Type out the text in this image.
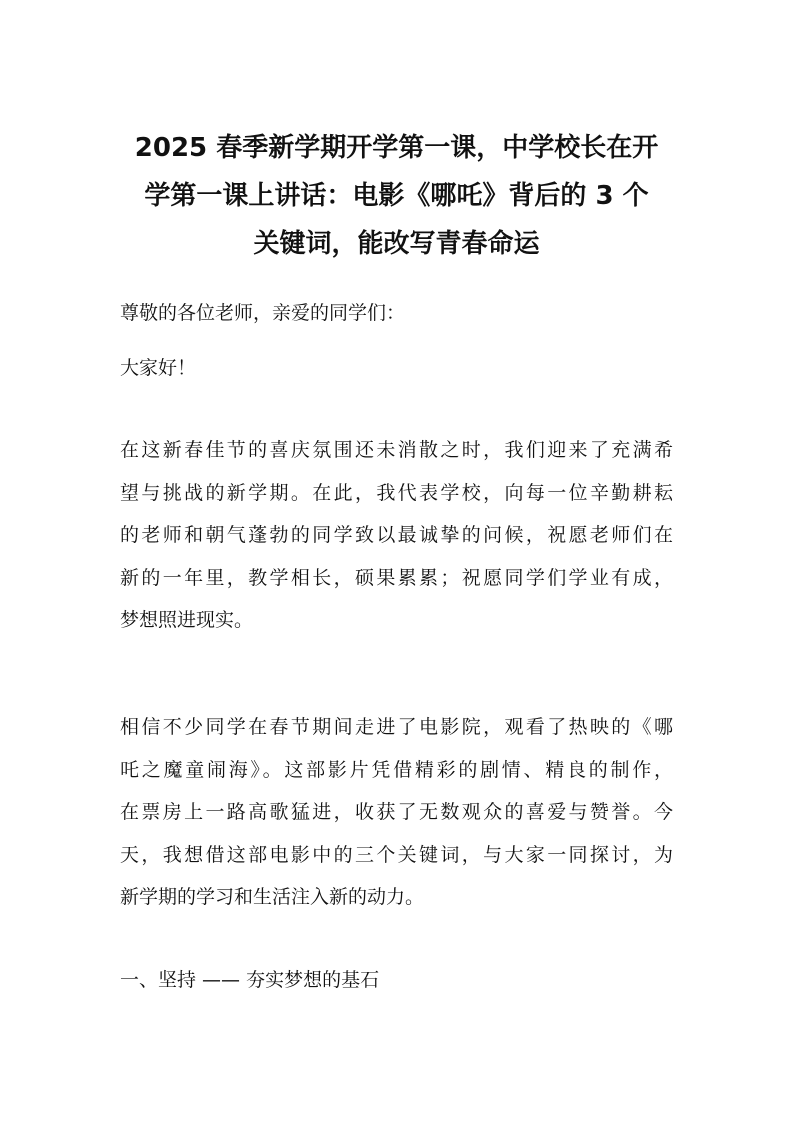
2025 春季新学期开学第一课，中学校长在开
学第一课上讲话：电影《哪吒》背后的 3 个
关键词，能改写青春命运
尊敬的各位老师，亲爱的同学们：
大家好！
在这新春佳节的喜庆氛围还未消散之时，我们迎来了充满希
望与挑战的新学期。在此，我代表学校，向每一位辛勤耕耘
的老师和朝气蓬勃的同学致以最诚挚的问候，祝愿老师们在
新的一年里，教学相长，硕果累累；祝愿同学们学业有成，
梦想照进现实。
相信不少同学在春节期间走进了电影院，观看了热映的《哪
吒之魔童闹海》。这部影片凭借精彩的剧情、精良的制作，
在票房上一路高歌猛进，收获了无数观众的喜爱与赞誉。今
天，我想借这部电影中的三个关键词，与大家一同探讨，为
新学期的学习和生活注入新的动力。
一、坚持 —— 夯实梦想的基石
